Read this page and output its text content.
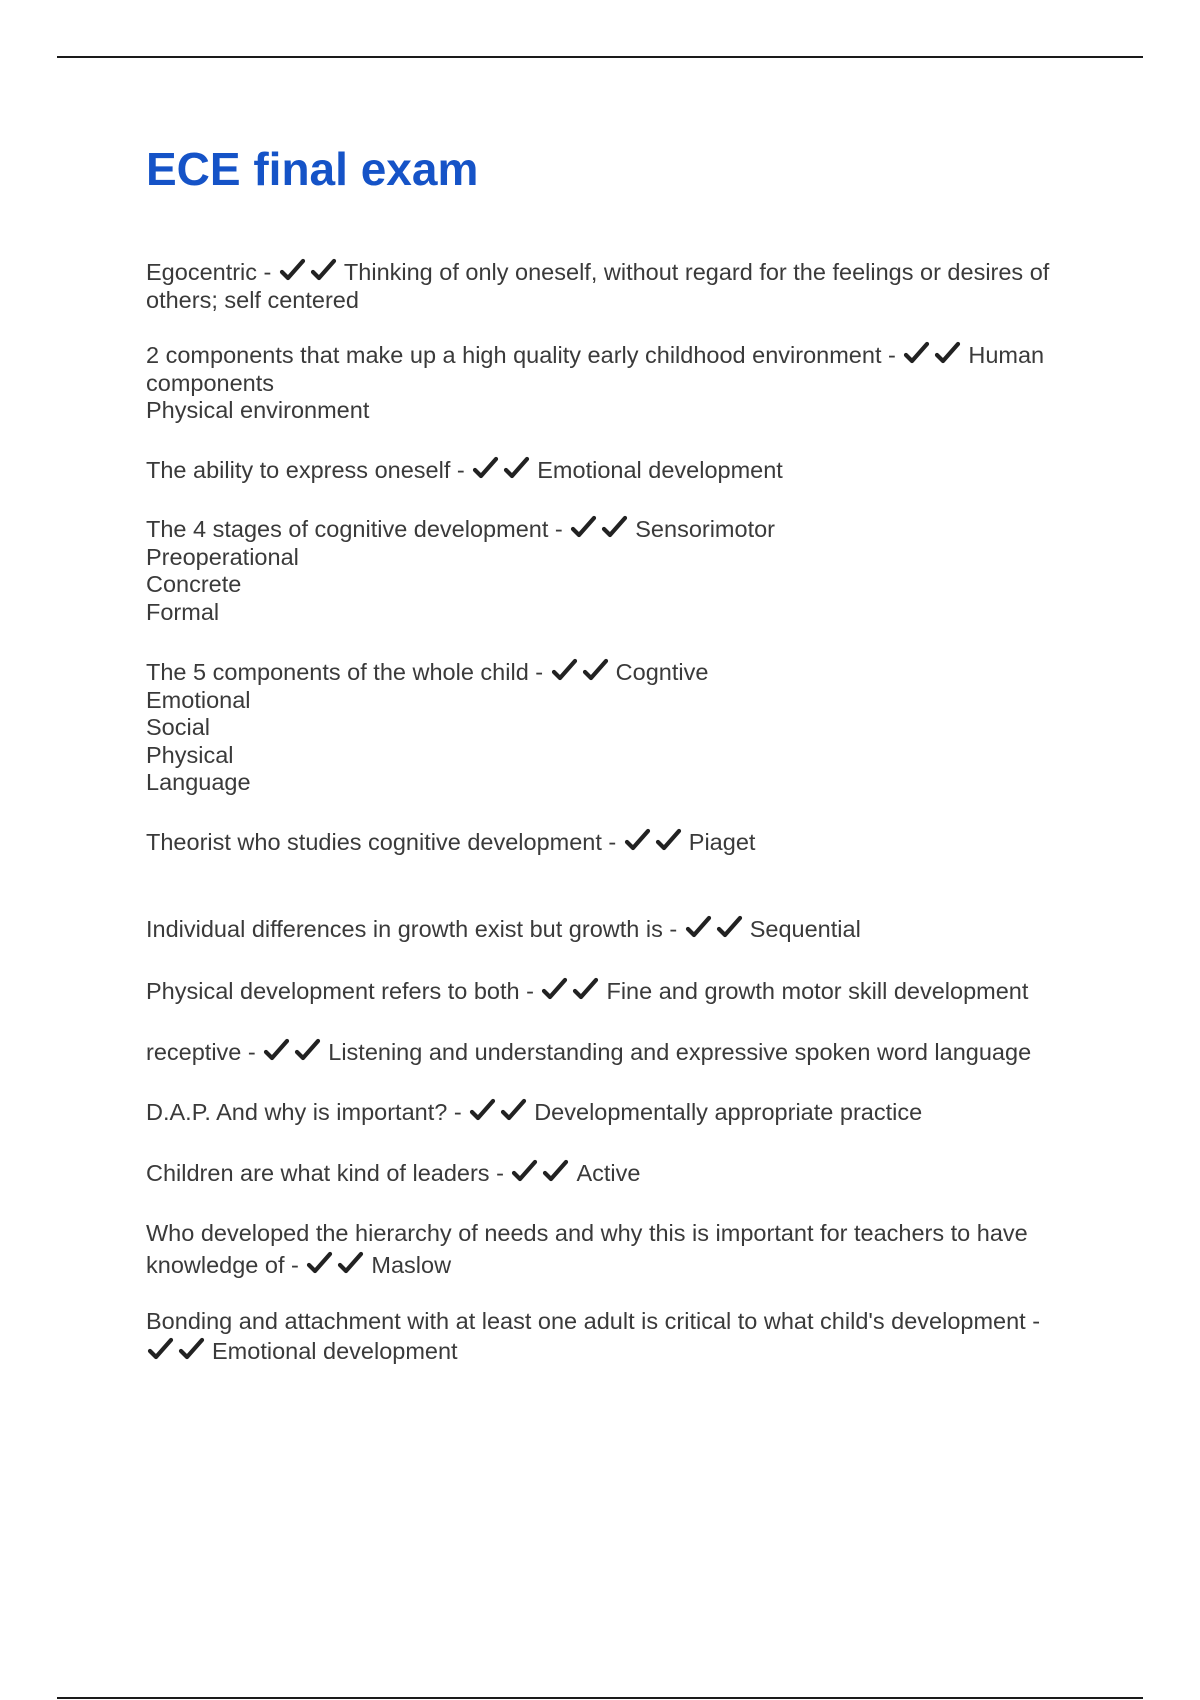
ECE final exam

Egocentric -	Thinking of only oneself, without regard for the feelings or desires of
others; self centered

2 components that make up a high quality early childhood environment -	Human
components
Physical environment

The ability to express oneself -	Emotional development

The 4 stages of cognitive development -	Sensorimotor
Preoperational
Concrete
Formal

The 5 components of the whole child -	Cogntive
Emotional
Social
Physical
Language

Theorist who studies cognitive development -	Piaget

Individual differences in growth exist but growth is -	Sequential

Physical development refers to both -	Fine and growth motor skill development

receptive -	Listening and understanding and expressive spoken word language

D.A.P. And why is important? -	Developmentally appropriate practice

Children are what kind of leaders -	Active

Who developed the hierarchy of needs and why this is important for teachers to have
knowledge of -	Maslow

Bonding and attachment with at least one adult is critical to what child's development -
Emotional development
